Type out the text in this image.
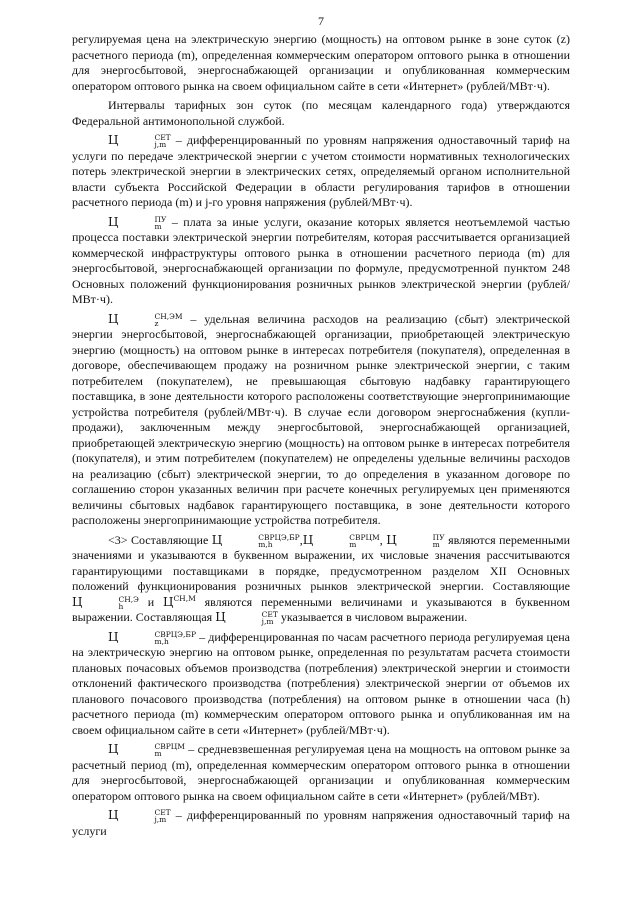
7

регулируемая цена на электрическую энергию (мощность) на оптовом рынке в зоне суток (z) расчетного периода (m), определенная коммерческим оператором оптового рынка в отношении для энергосбытовой, энергоснабжающей организации и опубликованная коммерческим оператором оптового рынка на своем официальном сайте в сети «Интернет» (рублей/МВт·ч).

Интервалы тарифных зон суток (по месяцам календарного года) утверждаются Федеральной антимонопольной службой.

Ц	СЕТ
j,m – дифференцированный по уровням напряжения одноставочный тариф на услуги по передаче электрической энергии с учетом стоимости нормативных технологических потерь электрической энергии в электрических сетях, определяемый органом исполнительной власти субъекта Российской Федерации в области регулирования тарифов в отношении расчетного периода (m) и j-го уровня напряжения (рублей/МВт·ч).

Ц	ПУ
m – плата за иные услуги, оказание которых является неотъемлемой частью процесса поставки электрической энергии потребителям, которая рассчитывается организацией коммерческой инфраструктуры оптового рынка в отношении расчетного периода (m) для энергосбытовой, энергоснабжающей организации по формуле, предусмотренной пунктом 248 Основных положений функционирования розничных рынков электрической энергии (рублей/МВт·ч).

Ц	СН,ЭМ
z	– удельная величина расходов на реализацию (сбыт) электрической энергии энергосбытовой, энергоснабжающей организации, приобретающей электрическую энергию (мощность) на оптовом рынке в интересах потребителя (покупателя), определенная в договоре, обеспечивающем продажу на розничном рынке электрической энергии, с таким потребителем (покупателем), не превышающая сбытовую надбавку гарантирующего поставщика, в зоне деятельности которого расположены соответствующие энергопринимающие устройства потребителя (рублей/МВт·ч). В случае если договором энергоснабжения (купли-продажи), заключенным между энергосбытовой, энергоснабжающей организацией, приобретающей электрическую энергию (мощность) на оптовом рынке в интересах потребителя (покупателя), и этим потребителем (покупателем) не определены удельные величины расходов на реализацию (сбыт) электрической энергии, то до определения в указанном договоре по соглашению сторон указанных величин при расчете конечных регулируемых цен применяются величины сбытовых надбавок гарантирующего поставщика, в зоне деятельности которого расположены энергопринимающие устройства потребителя.

<3> Составляющие Ц	СВРЦЭ,БР
m,h	,Ц	СВРЦМ
m	, Ц	ПУ
m являются переменными значениями и указываются в буквенном выражении, их числовые значения рассчитываются гарантирующими поставщиками в порядке, предусмотренном разделом XII Основных положений функционирования розничных рынков электрической энергии. Составляющие Ц	СН,Э
h	и $Ц^{СН,М}$ являются переменными величинами и указываются в буквенном выражении. Составляющая Ц	СЕТ
j,m указывается в числовом выражении.

Ц	СВРЦЭ,БР
m,h	– дифференцированная по часам расчетного периода регулируемая цена на электрическую энергию на оптовом рынке, определенная по результатам расчета стоимости плановых почасовых объемов производства (потребления) электрической энергии и стоимости отклонений фактического производства (потребления) электрической энергии от объемов их планового почасового производства (потребления) на оптовом рынке в отношении часа (h) расчетного периода (m) коммерческим оператором оптового рынка и опубликованная им на своем официальном сайте в сети «Интернет» (рублей/МВт·ч).

Ц	СВРЦМ
m	– средневзвешенная регулируемая цена на мощность на оптовом рынке за расчетный период (m), определенная коммерческим оператором оптового рынка в отношении для энергосбытовой, энергоснабжающей организации и опубликованная коммерческим оператором оптового рынка на своем официальном сайте в сети «Интернет» (рублей/МВт).

Ц	СЕТ
j,m – дифференцированный по уровням напряжения одноставочный тариф на услуги
